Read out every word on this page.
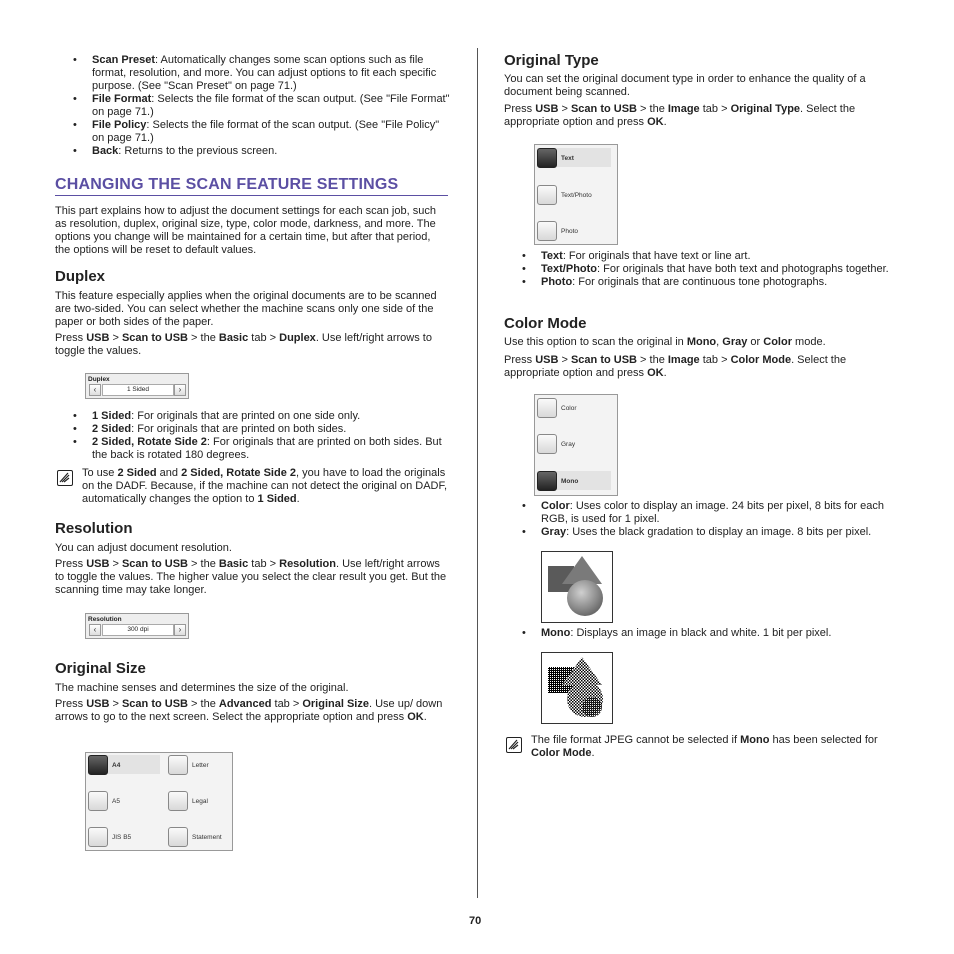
• Scan Preset: Automatically changes some scan options such as file format, resolution, and more. You can adjust options to fit each specific purpose. (See "Scan Preset" on page 71.)
• File Format: Selects the file format of the scan output. (See "File Format" on page 71.)
• File Policy: Selects the file format of the scan output. (See "File Policy" on page 71.)
• Back: Returns to the previous screen.
CHANGING THE SCAN FEATURE SETTINGS

This part explains how to adjust the document settings for each scan job, such as resolution, duplex, original size, type, color mode, darkness, and more. The options you change will be maintained for a certain time, but after that period, the options will be reset to default values.

Duplex

This feature especially applies when the original documents are to be scanned are two-sided. You can select whether the machine scans only one side of the paper or both sides of the paper.

Press USB > Scan to USB > the Basic tab > Duplex. Use left/right arrows to toggle the values.

Duplex
‹	1 Sided	›
• 1 Sided: For originals that are printed on one side only.
• 2 Sided: For originals that are printed on both sides.
• 2 Sided, Rotate Side 2: For originals that are printed on both sides. But the back is rotated 180 degrees.

To use 2 Sided and 2 Sided, Rotate Side 2, you have to load the originals on the DADF. Because, if the machine can not detect the original on DADF, automatically changes the option to 1 Sided.

Resolution

You can adjust document resolution.

Press USB > Scan to USB > the Basic tab > Resolution. Use left/right arrows to toggle the values. The higher value you select the clear result you get. But the scanning time may take longer.

Resolution
‹	300 dpi	›
Original Size

The machine senses and determines the size of the original.

Press USB > Scan to USB > the Advanced tab > Original Size. Use up/ down arrows to go to the next screen. Select the appropriate option and press OK.

A4
A5
JIS B5
Letter
Legal
Statement
Original Type

You can set the original document type in order to enhance the quality of a document being scanned.

Press USB > Scan to USB > the Image tab > Original Type. Select the appropriate option and press OK.

Text
Text/Photo
Photo
• Text: For originals that have text or line art.
• Text/Photo: For originals that have both text and photographs together.
• Photo: For originals that are continuous tone photographs.
Color Mode

Use this option to scan the original in Mono, Gray or Color mode.

Press USB > Scan to USB > the Image tab > Color Mode. Select the appropriate option and press OK.

Color
Gray
Mono
• Color: Uses color to display an image. 24 bits per pixel, 8 bits for each RGB, is used for 1 pixel.
• Gray: Uses the black gradation to display an image. 8 bits per pixel.
• Mono: Displays an image in black and white. 1 bit per pixel.

The file format JPEG cannot be selected if Mono has been selected for Color Mode.

70
